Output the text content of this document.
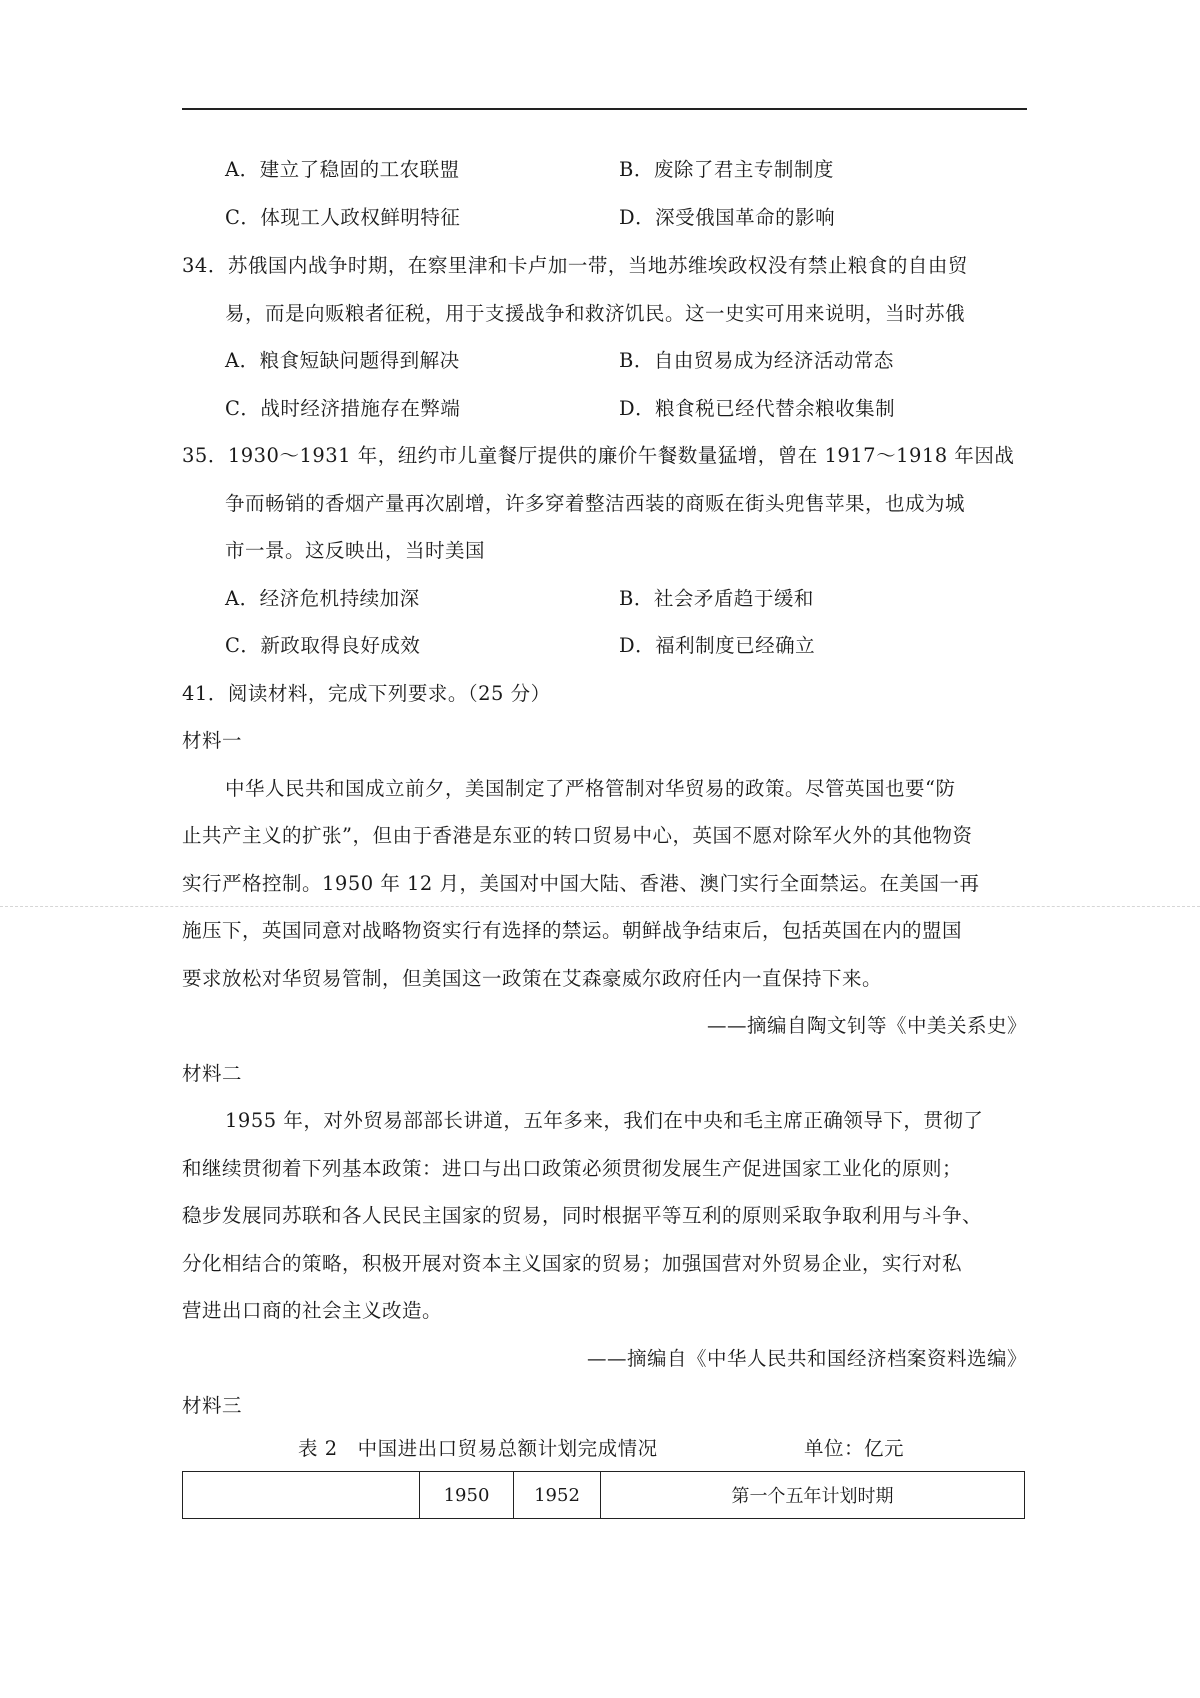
A．建立了稳固的工农联盟	B．废除了君主专制制度
C．体现工人政权鲜明特征	D．深受俄国革命的影响
34．苏俄国内战争时期，在察里津和卡卢加一带，当地苏维埃政权没有禁止粮食的自由贸
易，而是向贩粮者征税，用于支援战争和救济饥民。这一史实可用来说明，当时苏俄
A．粮食短缺问题得到解决	B．自由贸易成为经济活动常态
C．战时经济措施存在弊端	D．粮食税已经代替余粮收集制
35．1930～1931 年，纽约市儿童餐厅提供的廉价午餐数量猛增，曾在 1917～1918 年因战
争而畅销的香烟产量再次剧增，许多穿着整洁西装的商贩在街头兜售苹果，也成为城
市一景。这反映出，当时美国
A．经济危机持续加深	B．社会矛盾趋于缓和
C．新政取得良好成效	D．福利制度已经确立
41．阅读材料，完成下列要求。（25 分）
材料一
中华人民共和国成立前夕，美国制定了严格管制对华贸易的政策。尽管英国也要“防
止共产主义的扩张”，但由于香港是东亚的转口贸易中心，英国不愿对除军火外的其他物资
实行严格控制。1950 年 12 月，美国对中国大陆、香港、澳门实行全面禁运。在美国一再
施压下，英国同意对战略物资实行有选择的禁运。朝鲜战争结束后，包括英国在内的盟国
要求放松对华贸易管制，但美国这一政策在艾森豪威尔政府任内一直保持下来。
——摘编自陶文钊等《中美关系史》
材料二
1955 年，对外贸易部部长讲道，五年多来，我们在中央和毛主席正确领导下，贯彻了
和继续贯彻着下列基本政策：进口与出口政策必须贯彻发展生产促进国家工业化的原则；
稳步发展同苏联和各人民民主国家的贸易，同时根据平等互利的原则采取争取利用与斗争、
分化相结合的策略，积极开展对资本主义国家的贸易；加强国营对外贸易企业，实行对私
营进出口商的社会主义改造。
——摘编自《中华人民共和国经济档案资料选编》
材料三
表 2　中国进出口贸易总额计划完成情况	单位：亿元
	1950	1952	第一个五年计划时期
